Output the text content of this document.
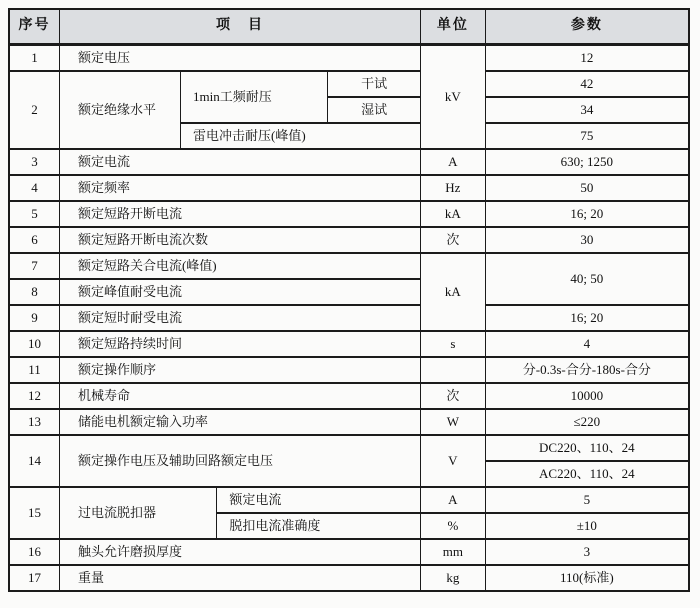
序号	项　目				单位	参数
1	额定电压				kV	12
2	额定绝缘水平	1min工频耐压		干试		42
				湿试		34
		雷电冲击耐压(峰值)				75
3	额定电流				A	630; 1250
4	额定频率				Hz	50
5	额定短路开断电流				kA	16; 20
6	额定短路开断电流次数				次	30
7	额定短路关合电流(峰值)				kA	40; 50
8	额定峰值耐受电流					
9	额定短时耐受电流					16; 20
10	额定短路持续时间				s	4
11	额定操作顺序					分-0.3s-合分-180s-合分
12	机械寿命				次	10000
13	储能电机额定输入功率				W	≤220
14	额定操作电压及辅助回路额定电压				V	DC220、110、24
						AC220、110、24
15	过电流脱扣器		额定电流		A	5
			脱扣电流准确度		%	±10
16	触头允许磨损厚度				mm	3
17	重量				kg	110(标准)
